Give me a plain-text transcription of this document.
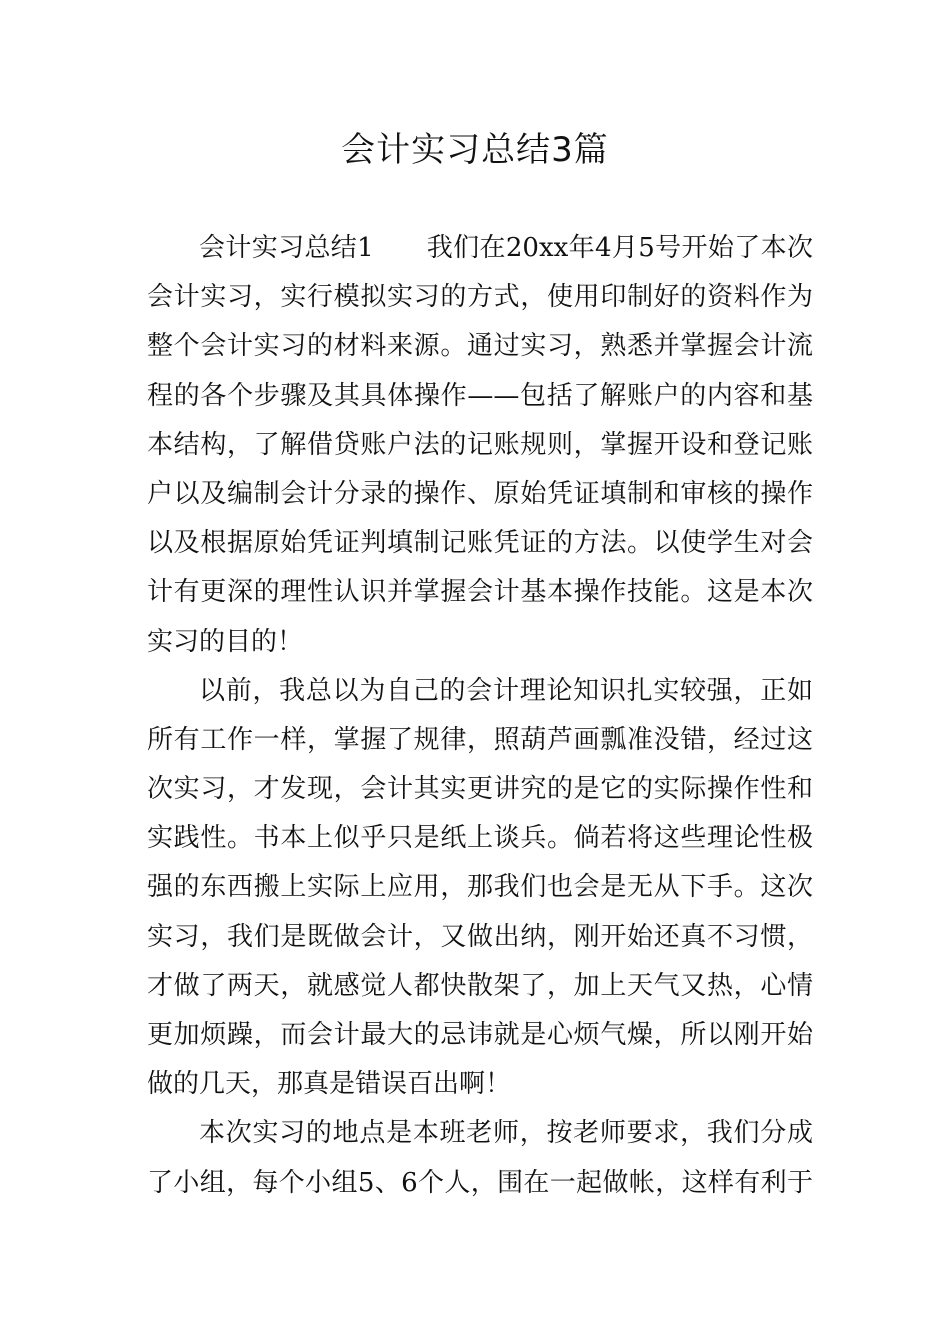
会计实习总结3篇
会计实习总结1　　我们在20xx年4月5号开始了本次
会计实习，实行模拟实习的方式，使用印制好的资料作为
整个会计实习的材料来源。通过实习，熟悉并掌握会计流
程的各个步骤及其具体操作——包括了解账户的内容和基
本结构，了解借贷账户法的记账规则，掌握开设和登记账
户以及编制会计分录的操作、原始凭证填制和审核的操作
以及根据原始凭证判填制记账凭证的方法。以使学生对会
计有更深的理性认识并掌握会计基本操作技能。这是本次
实习的目的！
以前，我总以为自己的会计理论知识扎实较强，正如
所有工作一样，掌握了规律，照葫芦画瓢准没错，经过这
次实习，才发现，会计其实更讲究的是它的实际操作性和
实践性。书本上似乎只是纸上谈兵。倘若将这些理论性极
强的东西搬上实际上应用，那我们也会是无从下手。这次
实习，我们是既做会计，又做出纳，刚开始还真不习惯，
才做了两天，就感觉人都快散架了，加上天气又热，心情
更加烦躁，而会计最大的忌讳就是心烦气燥，所以刚开始
做的几天，那真是错误百出啊！
本次实习的地点是本班老师，按老师要求，我们分成
了小组，每个小组5、6个人，围在一起做帐，这样有利于
